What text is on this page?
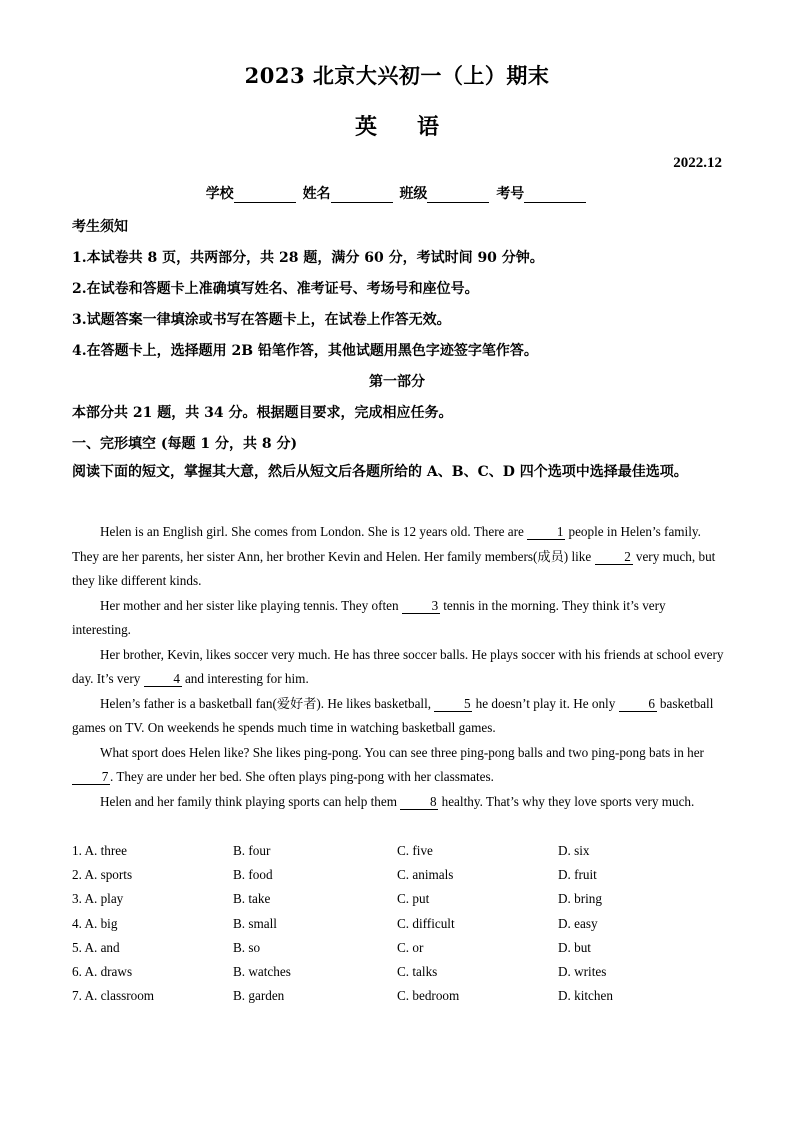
2023 北京大兴初一（上）期末
英语
2022.12
学校	姓名	班级	考号
考生须知
1.本试卷共 8 页，共两部分，共 28 题，满分 60 分，考试时间 90 分钟。
2.在试卷和答题卡上准确填写姓名、准考证号、考场号和座位号。
3.试题答案一律填涂或书写在答题卡上，在试卷上作答无效。
4.在答题卡上，选择题用 2B 铅笔作答，其他试题用黑色字迹签字笔作答。
第一部分
本部分共 21 题，共 34 分。根据题目要求，完成相应任务。
一、完形填空 (每题 1 分，共 8 分)
阅读下面的短文，掌握其大意，然后从短文后各题所给的 A、B、C、D 四个选项中选择最佳选项。

Helen is an English girl. She comes from London. She is 12 years old. There are 1 people in Helen’s family. They are her parents, her sister Ann, her brother Kevin and Helen. Her family members(成员) like 2 very much, but they like different kinds.

Her mother and her sister like playing tennis. They often 3 tennis in the morning. They think it’s very interesting.

Her brother, Kevin, likes soccer very much. He has three soccer balls. He plays soccer with his friends at school every day. It’s very 4 and interesting for him.

Helen’s father is a basketball fan(爱好者). He likes basketball, 5 he doesn’t play it. He only 6 basketball games on TV. On weekends he spends much time in watching basketball games.

What sport does Helen like? She likes ping-pong. You can see three ping-pong balls and two ping-pong bats in her 7 . They are under her bed. She often plays ping-pong with her classmates.

Helen and her family think playing sports can help them 8 healthy. That’s why they love sports very much.

1. A. three	B. four	C. five	D. six
2. A. sports	B. food	C. animals	D. fruit
3. A. play	B. take	C. put	D. bring
4. A. big	B. small	C. difficult	D. easy
5. A. and	B. so	C. or	D. but
6. A. draws	B. watches	C. talks	D. writes
7. A. classroom	B. garden	C. bedroom	D. kitchen
